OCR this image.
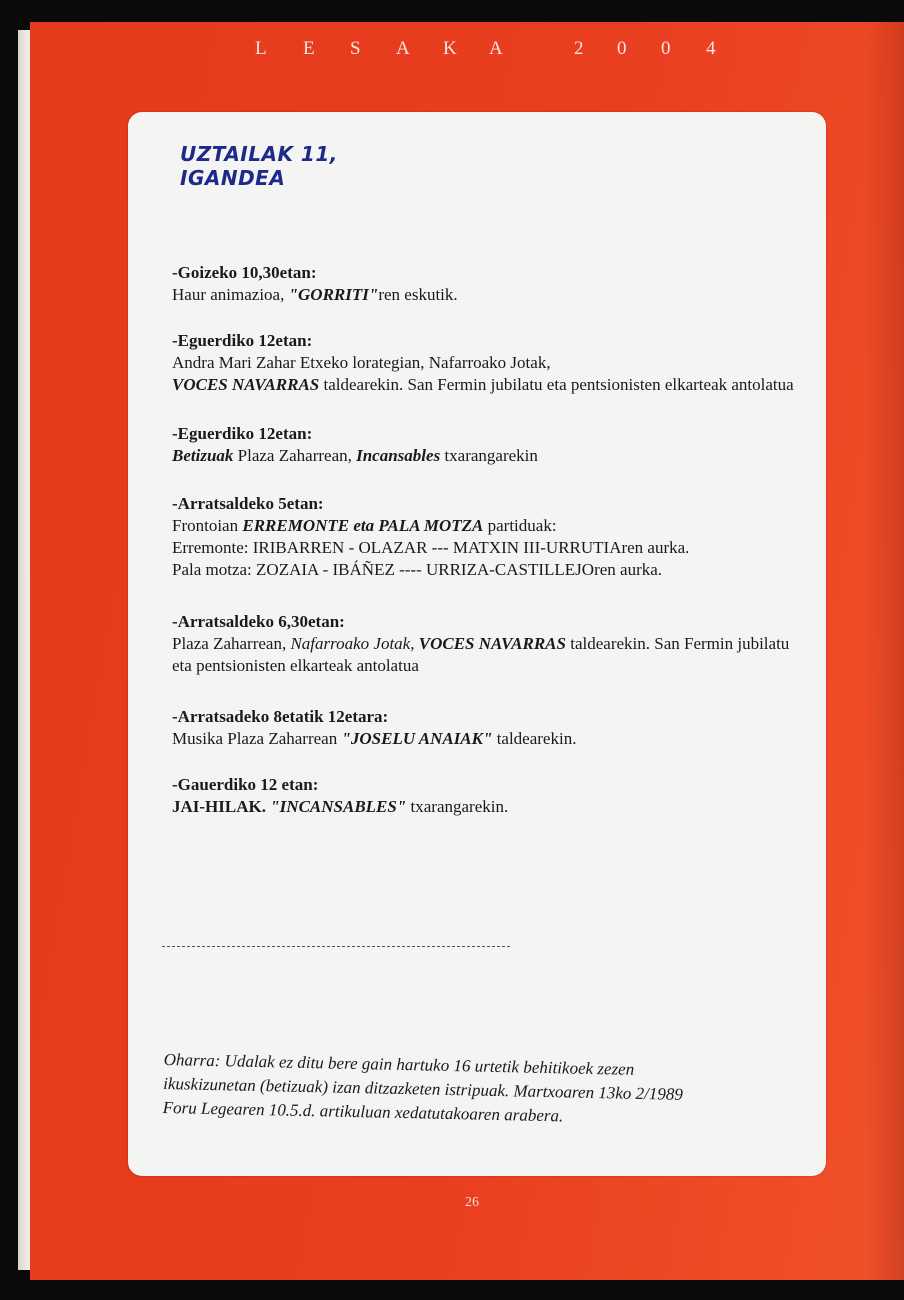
L E S A K A	2 0 0 4
UZTAILAK 11,
IGANDEA
-Goizeko 10,30etan:
Haur animazioa, "GORRITI"ren eskutik.
-Eguerdiko 12etan:
Andra Mari Zahar Etxeko lorategian, Nafarroako Jotak,
VOCES NAVARRAS taldearekin. San Fermin jubilatu eta pentsionisten elkarteak antolatua
-Eguerdiko 12etan:
Betizuak Plaza Zaharrean, Incansables txarangarekin
-Arratsaldeko 5etan:
Frontoian ERREMONTE eta PALA MOTZA partiduak:
Erremonte: IRIBARREN - OLAZAR --- MATXIN III-URRUTIAren aurka.
Pala motza: ZOZAIA - IBÁÑEZ ---- URRIZA-CASTILLEJOren aurka.
-Arratsaldeko 6,30etan:
Plaza Zaharrean, Nafarroako Jotak, VOCES NAVARRAS taldearekin. San Fermin jubilatu
eta pentsionisten elkarteak antolatua
-Arratsadeko 8etatik 12etara:
Musika Plaza Zaharrean "JOSELU ANAIAK" taldearekin.
-Gauerdiko 12 etan:
JAI-HILAK. "INCANSABLES" txarangarekin.
Oharra: Udalak ez ditu bere gain hartuko 16 urtetik behitikoek zezen
ikuskizunetan (betizuak) izan ditzazketen istripuak. Martxoaren 13ko 2/1989
Foru Legearen 10.5.d. artikuluan xedatutakoaren arabera.
26
